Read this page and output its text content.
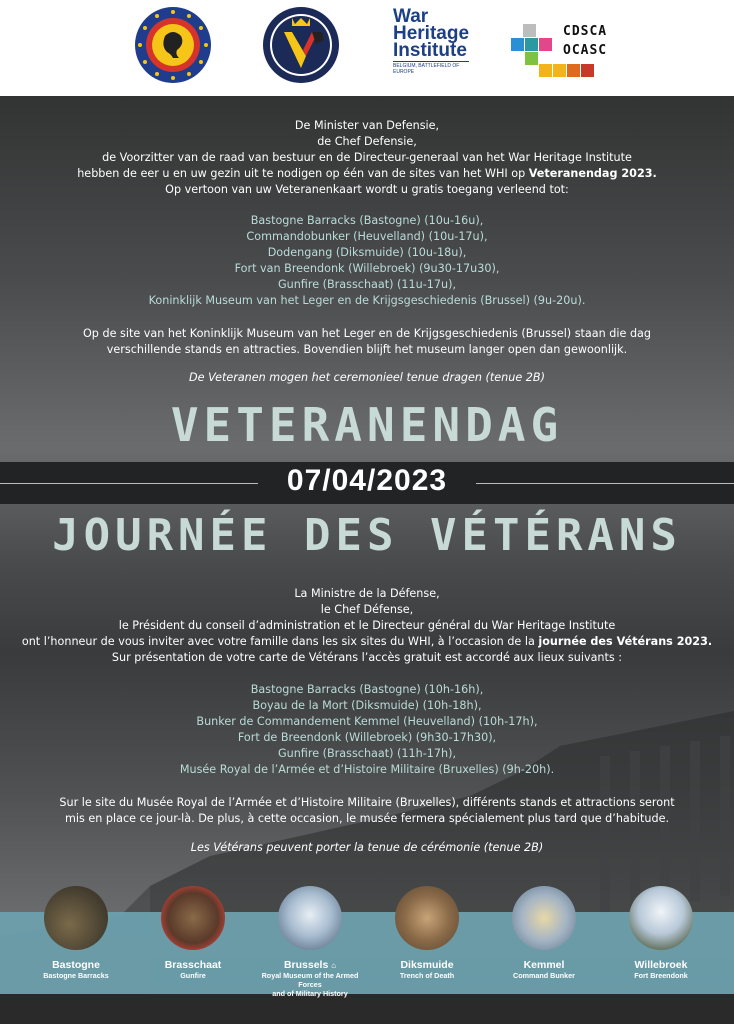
War
Heritage
Institute
BELGIUM, BATTLEFIELD OF EUROPE
CDSCA
OCASC
De Minister van Defensie,
de Chef Defensie,
de Voorzitter van de raad van bestuur en de Directeur-generaal van het War Heritage Institute
hebben de eer u en uw gezin uit te nodigen op één van de sites van het WHI op Veteranendag 2023.
Op vertoon van uw Veteranenkaart wordt u gratis toegang verleend tot:
Bastogne Barracks (Bastogne) (10u-16u),
Commandobunker (Heuvelland) (10u-17u),
Dodengang (Diksmuide) (10u-18u),
Fort van Breendonk (Willebroek) (9u30-17u30),
Gunfire (Brasschaat) (11u-17u),
Koninklijk Museum van het Leger en de Krijgsgeschiedenis (Brussel) (9u-20u).
Op de site van het Koninklijk Museum van het Leger en de Krijgsgeschiedenis (Brussel) staan die dag
verschillende stands en attracties. Bovendien blijft het museum langer open dan gewoonlijk.
De Veteranen mogen het ceremonieel tenue dragen (tenue 2B)
VETERANENDAG
07/04/2023
JOURNÉE DES VÉTÉRANS
La Ministre de la Défense,
le Chef Défense,
le Président du conseil d’administration et le Directeur général du War Heritage Institute
ont l’honneur de vous inviter avec votre famille dans les six sites du WHI, à l’occasion de la journée des Vétérans 2023.
Sur présentation de votre carte de Vétérans l’accès gratuit est accordé aux lieux suivants :
Bastogne Barracks (Bastogne) (10h-16h),
Boyau de la Mort (Diksmuide) (10h-18h),
Bunker de Commandement Kemmel (Heuvelland) (10h-17h),
Fort de Breendonk (Willebroek) (9h30-17h30),
Gunfire (Brasschaat) (11h-17h),
Musée Royal de l’Armée et d’Histoire Militaire (Bruxelles) (9h-20h).
Sur le site du Musée Royal de l’Armée et d’Histoire Militaire (Bruxelles), différents stands et attractions seront
mis en place ce jour-là. De plus, à cette occasion, le musée fermera spécialement plus tard que d’habitude.
Les Vétérans peuvent porter la tenue de cérémonie (tenue 2B)
Bastogne
Bastogne Barracks
Brasschaat
Gunfire
Brussels ⌂
Royal Museum of the Armed Forces
and of Military History
Diksmuide
Trench of Death
Kemmel
Command Bunker
Willebroek
Fort Breendonk
